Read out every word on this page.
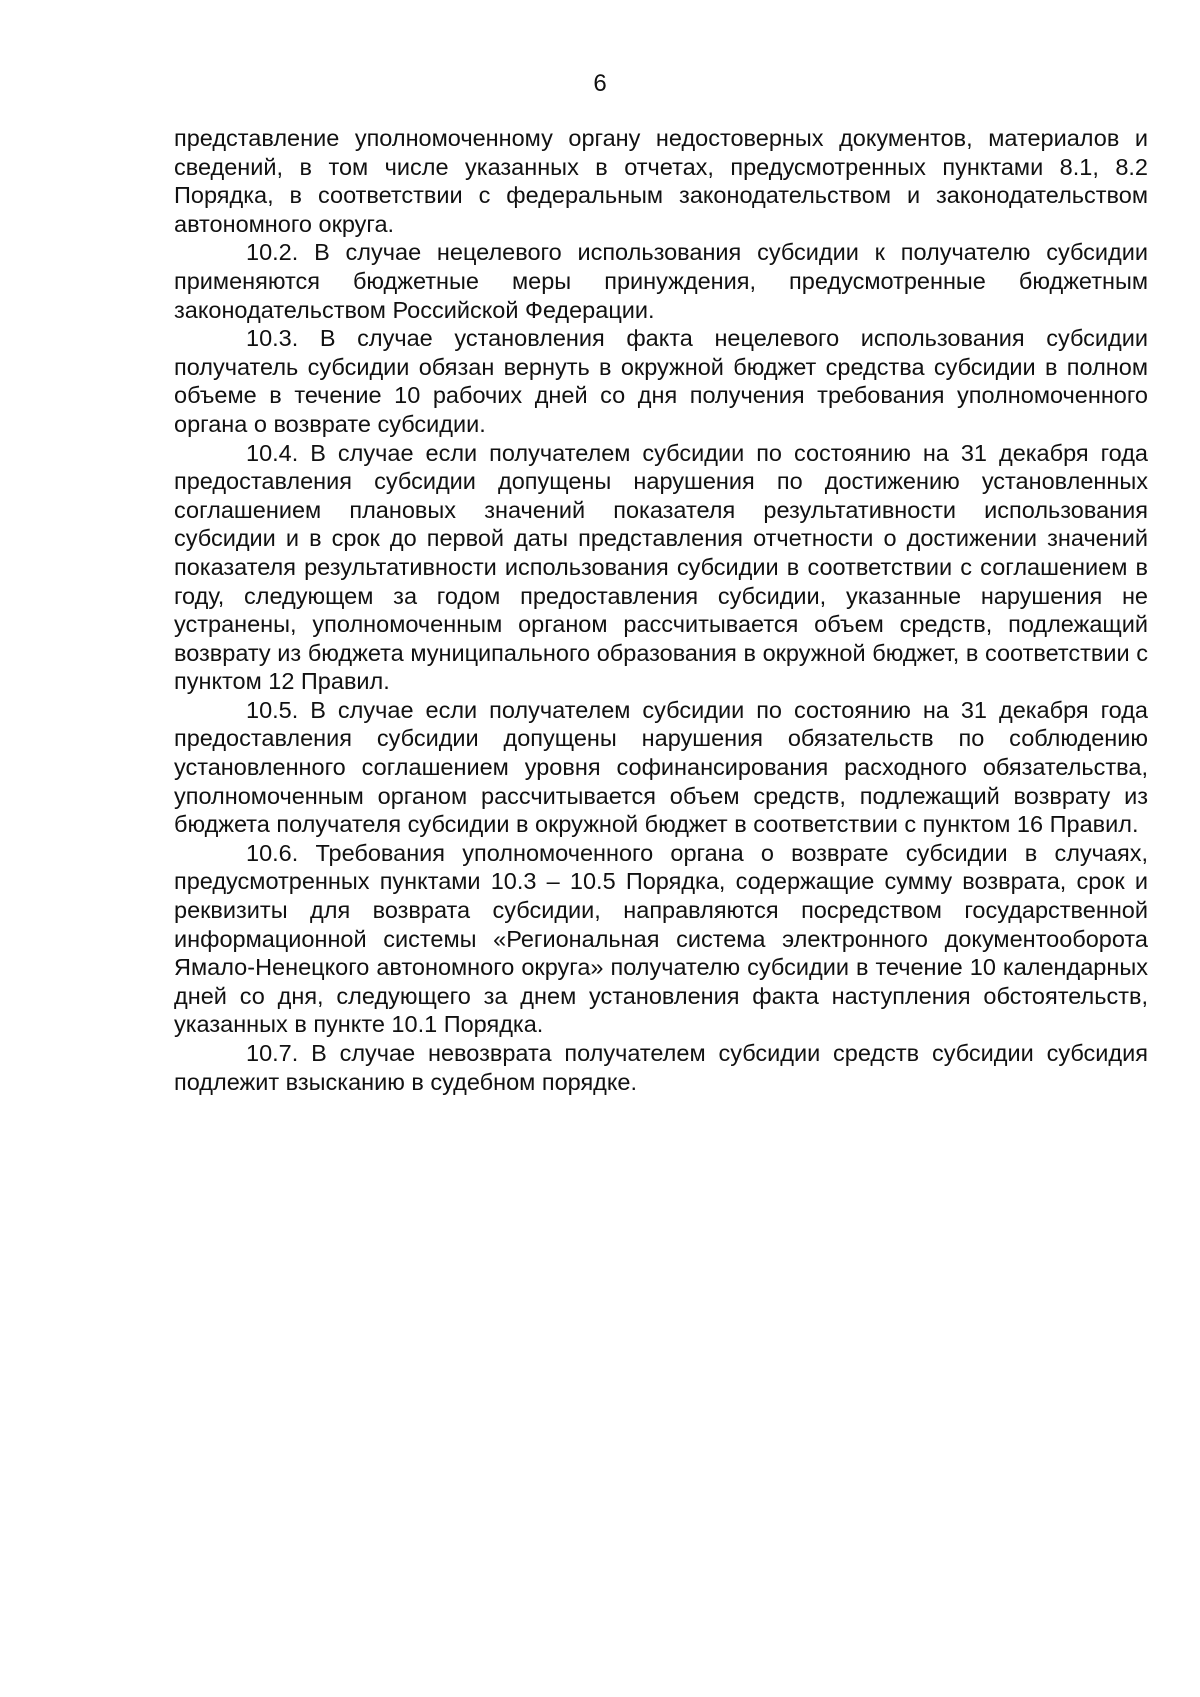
6

представление уполномоченному органу недостоверных документов, материалов и сведений, в том числе указанных в отчетах, предусмотренных пунктами 8.1, 8.2 Порядка, в соответствии с федеральным законодательством и законодательством автономного округа.

10.2. В случае нецелевого использования субсидии к получателю субсидии применяются бюджетные меры принуждения, предусмотренные бюджетным законодательством Российской Федерации.

10.3. В случае установления факта нецелевого использования субсидии получатель субсидии обязан вернуть в окружной бюджет средства субсидии в полном объеме в течение 10 рабочих дней со дня получения требования уполномоченного органа о возврате субсидии.

10.4. В случае если получателем субсидии по состоянию на 31 декабря года предоставления субсидии допущены нарушения по достижению установленных соглашением плановых значений показателя результативности использования субсидии и в срок до первой даты представления отчетности о достижении значений показателя результативности использования субсидии в соответствии с соглашением в году, следующем за годом предоставления субсидии, указанные нарушения не устранены, уполномоченным органом рассчитывается объем средств, подлежащий возврату из бюджета муниципального образования в окружной бюджет, в соответствии с пунктом 12 Правил.

10.5. В случае если получателем субсидии по состоянию на 31 декабря года предоставления субсидии допущены нарушения обязательств по соблюдению установленного соглашением уровня софинансирования расходного обязательства, уполномоченным органом рассчитывается объем средств, подлежащий возврату из бюджета получателя субсидии в окружной бюджет в соответствии с пунктом 16 Правил.

10.6. Требования уполномоченного органа о возврате субсидии в случаях, предусмотренных пунктами 10.3 – 10.5 Порядка, содержащие сумму возврата, срок и реквизиты для возврата субсидии, направляются посредством государственной информационной системы «Региональная система электронного документооборота Ямало-Ненецкого автономного округа» получателю субсидии в течение 10 календарных дней со дня, следующего за днем установления факта наступления обстоятельств, указанных в пункте 10.1 Порядка.

10.7. В случае невозврата получателем субсидии средств субсидии субсидия подлежит взысканию в судебном порядке.
